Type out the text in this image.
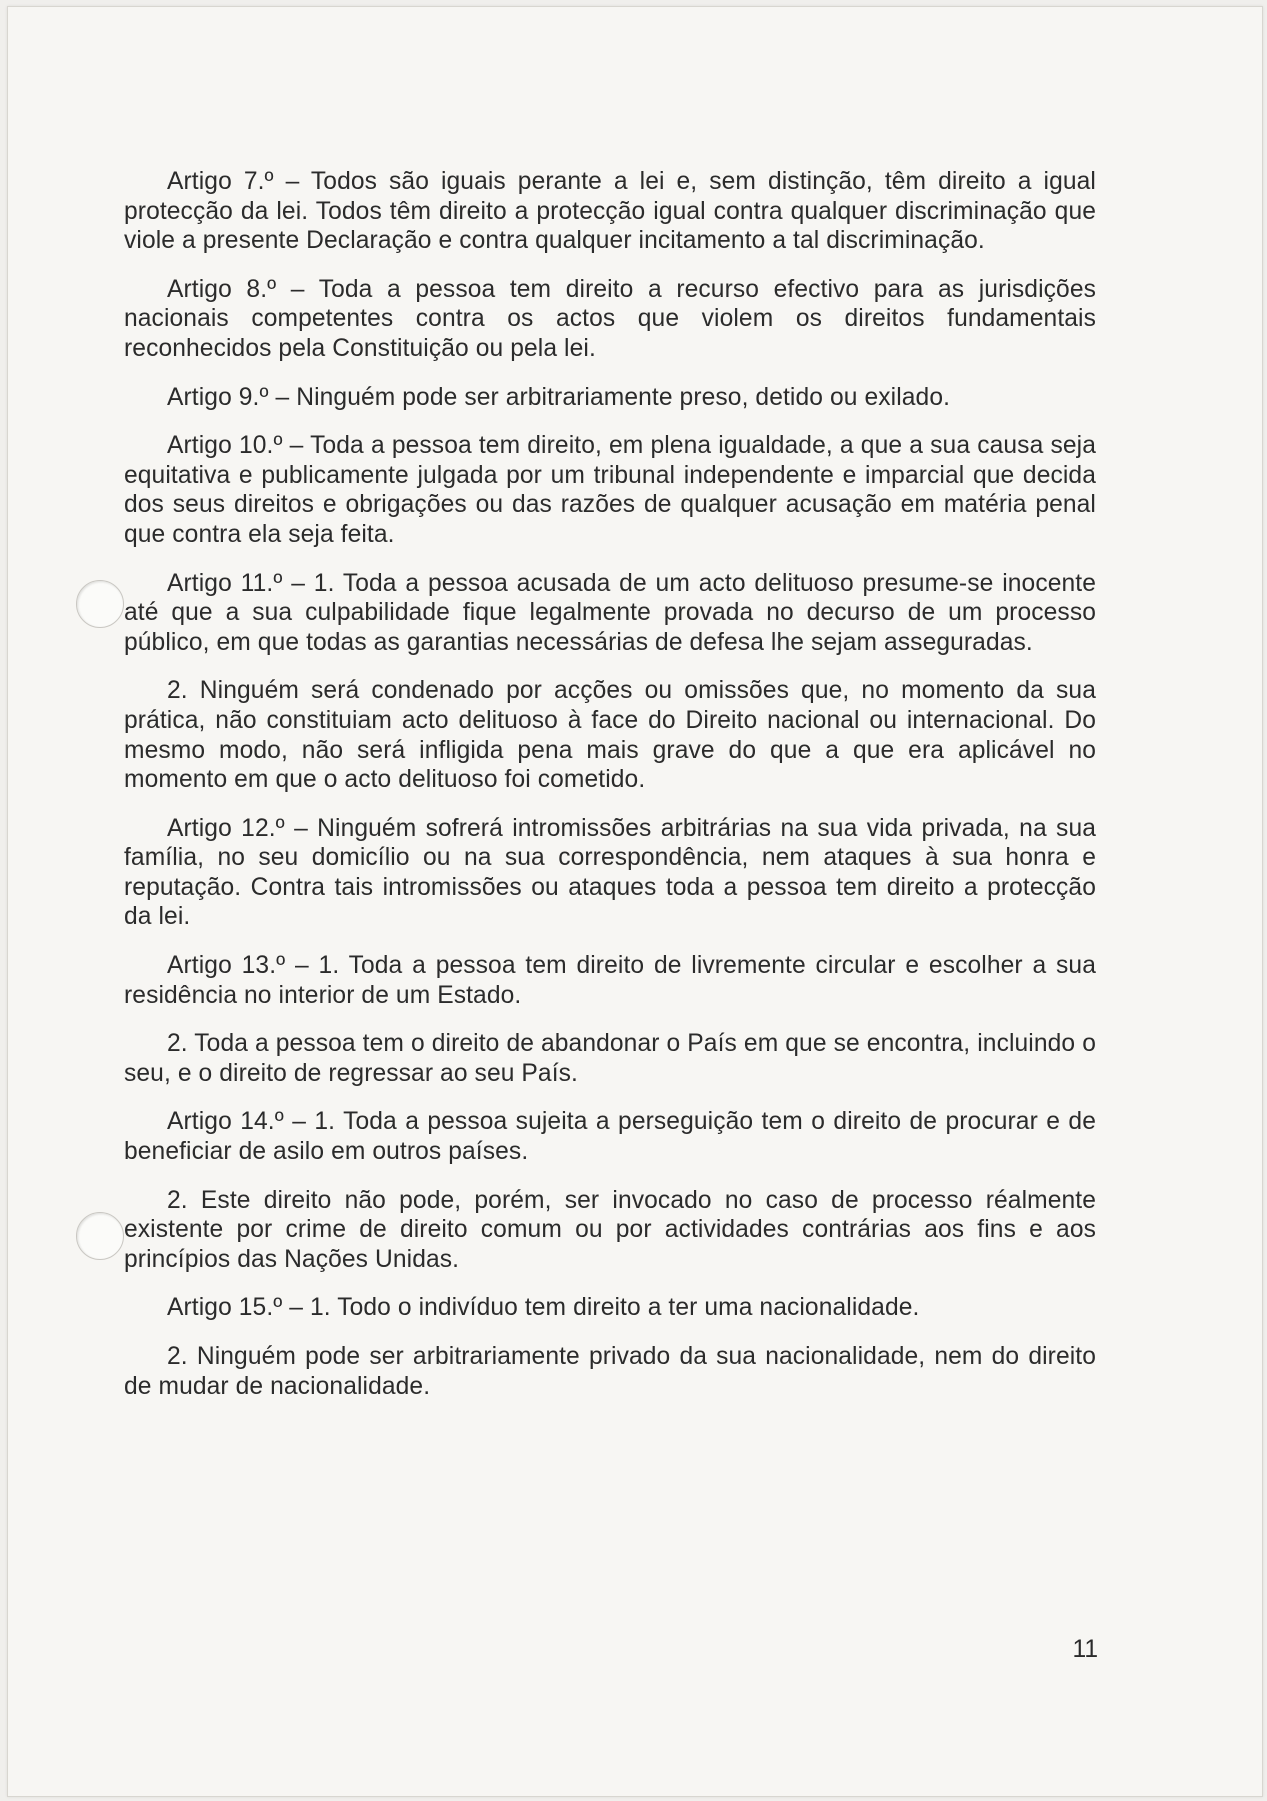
Artigo 7.º – Todos são iguais perante a lei e, sem distinção, têm direito a igual protecção da lei. Todos têm direito a protecção igual contra qualquer discriminação que viole a presente Declaração e contra qualquer incitamento a tal discriminação.

Artigo 8.º – Toda a pessoa tem direito a recurso efectivo para as jurisdições nacionais competentes contra os actos que violem os direitos fundamentais reconhecidos pela Constituição ou pela lei.

Artigo 9.º – Ninguém pode ser arbitrariamente preso, detido ou exilado.

Artigo 10.º – Toda a pessoa tem direito, em plena igualdade, a que a sua causa seja equitativa e publicamente julgada por um tribunal independente e imparcial que decida dos seus direitos e obrigações ou das razões de qualquer acusação em matéria penal que contra ela seja feita.

Artigo 11.º – 1. Toda a pessoa acusada de um acto delituoso presume-se inocente até que a sua culpabilidade fique legalmente provada no decurso de um processo público, em que todas as garantias necessárias de defesa lhe sejam asseguradas.

2. Ninguém será condenado por acções ou omissões que, no momento da sua prática, não constituiam acto delituoso à face do Direito nacional ou internacional. Do mesmo modo, não será infligida pena mais grave do que a que era aplicável no momento em que o acto delituoso foi cometido.

Artigo 12.º – Ninguém sofrerá intromissões arbitrárias na sua vida privada, na sua família, no seu domicílio ou na sua correspondência, nem ataques à sua honra e reputação. Contra tais intromissões ou ataques toda a pessoa tem direito a protecção da lei.

Artigo 13.º – 1. Toda a pessoa tem direito de livremente circular e escolher a sua residência no interior de um Estado.

2. Toda a pessoa tem o direito de abandonar o País em que se encontra, incluindo o seu, e o direito de regressar ao seu País.

Artigo 14.º – 1. Toda a pessoa sujeita a perseguição tem o direito de procurar e de beneficiar de asilo em outros países.

2. Este direito não pode, porém, ser invocado no caso de processo réalmente existente por crime de direito comum ou por actividades contrárias aos fins e aos princípios das Nações Unidas.

Artigo 15.º – 1. Todo o indivíduo tem direito a ter uma nacionalidade.

2. Ninguém pode ser arbitrariamente privado da sua nacionalidade, nem do direito de mudar de nacionalidade.

11
